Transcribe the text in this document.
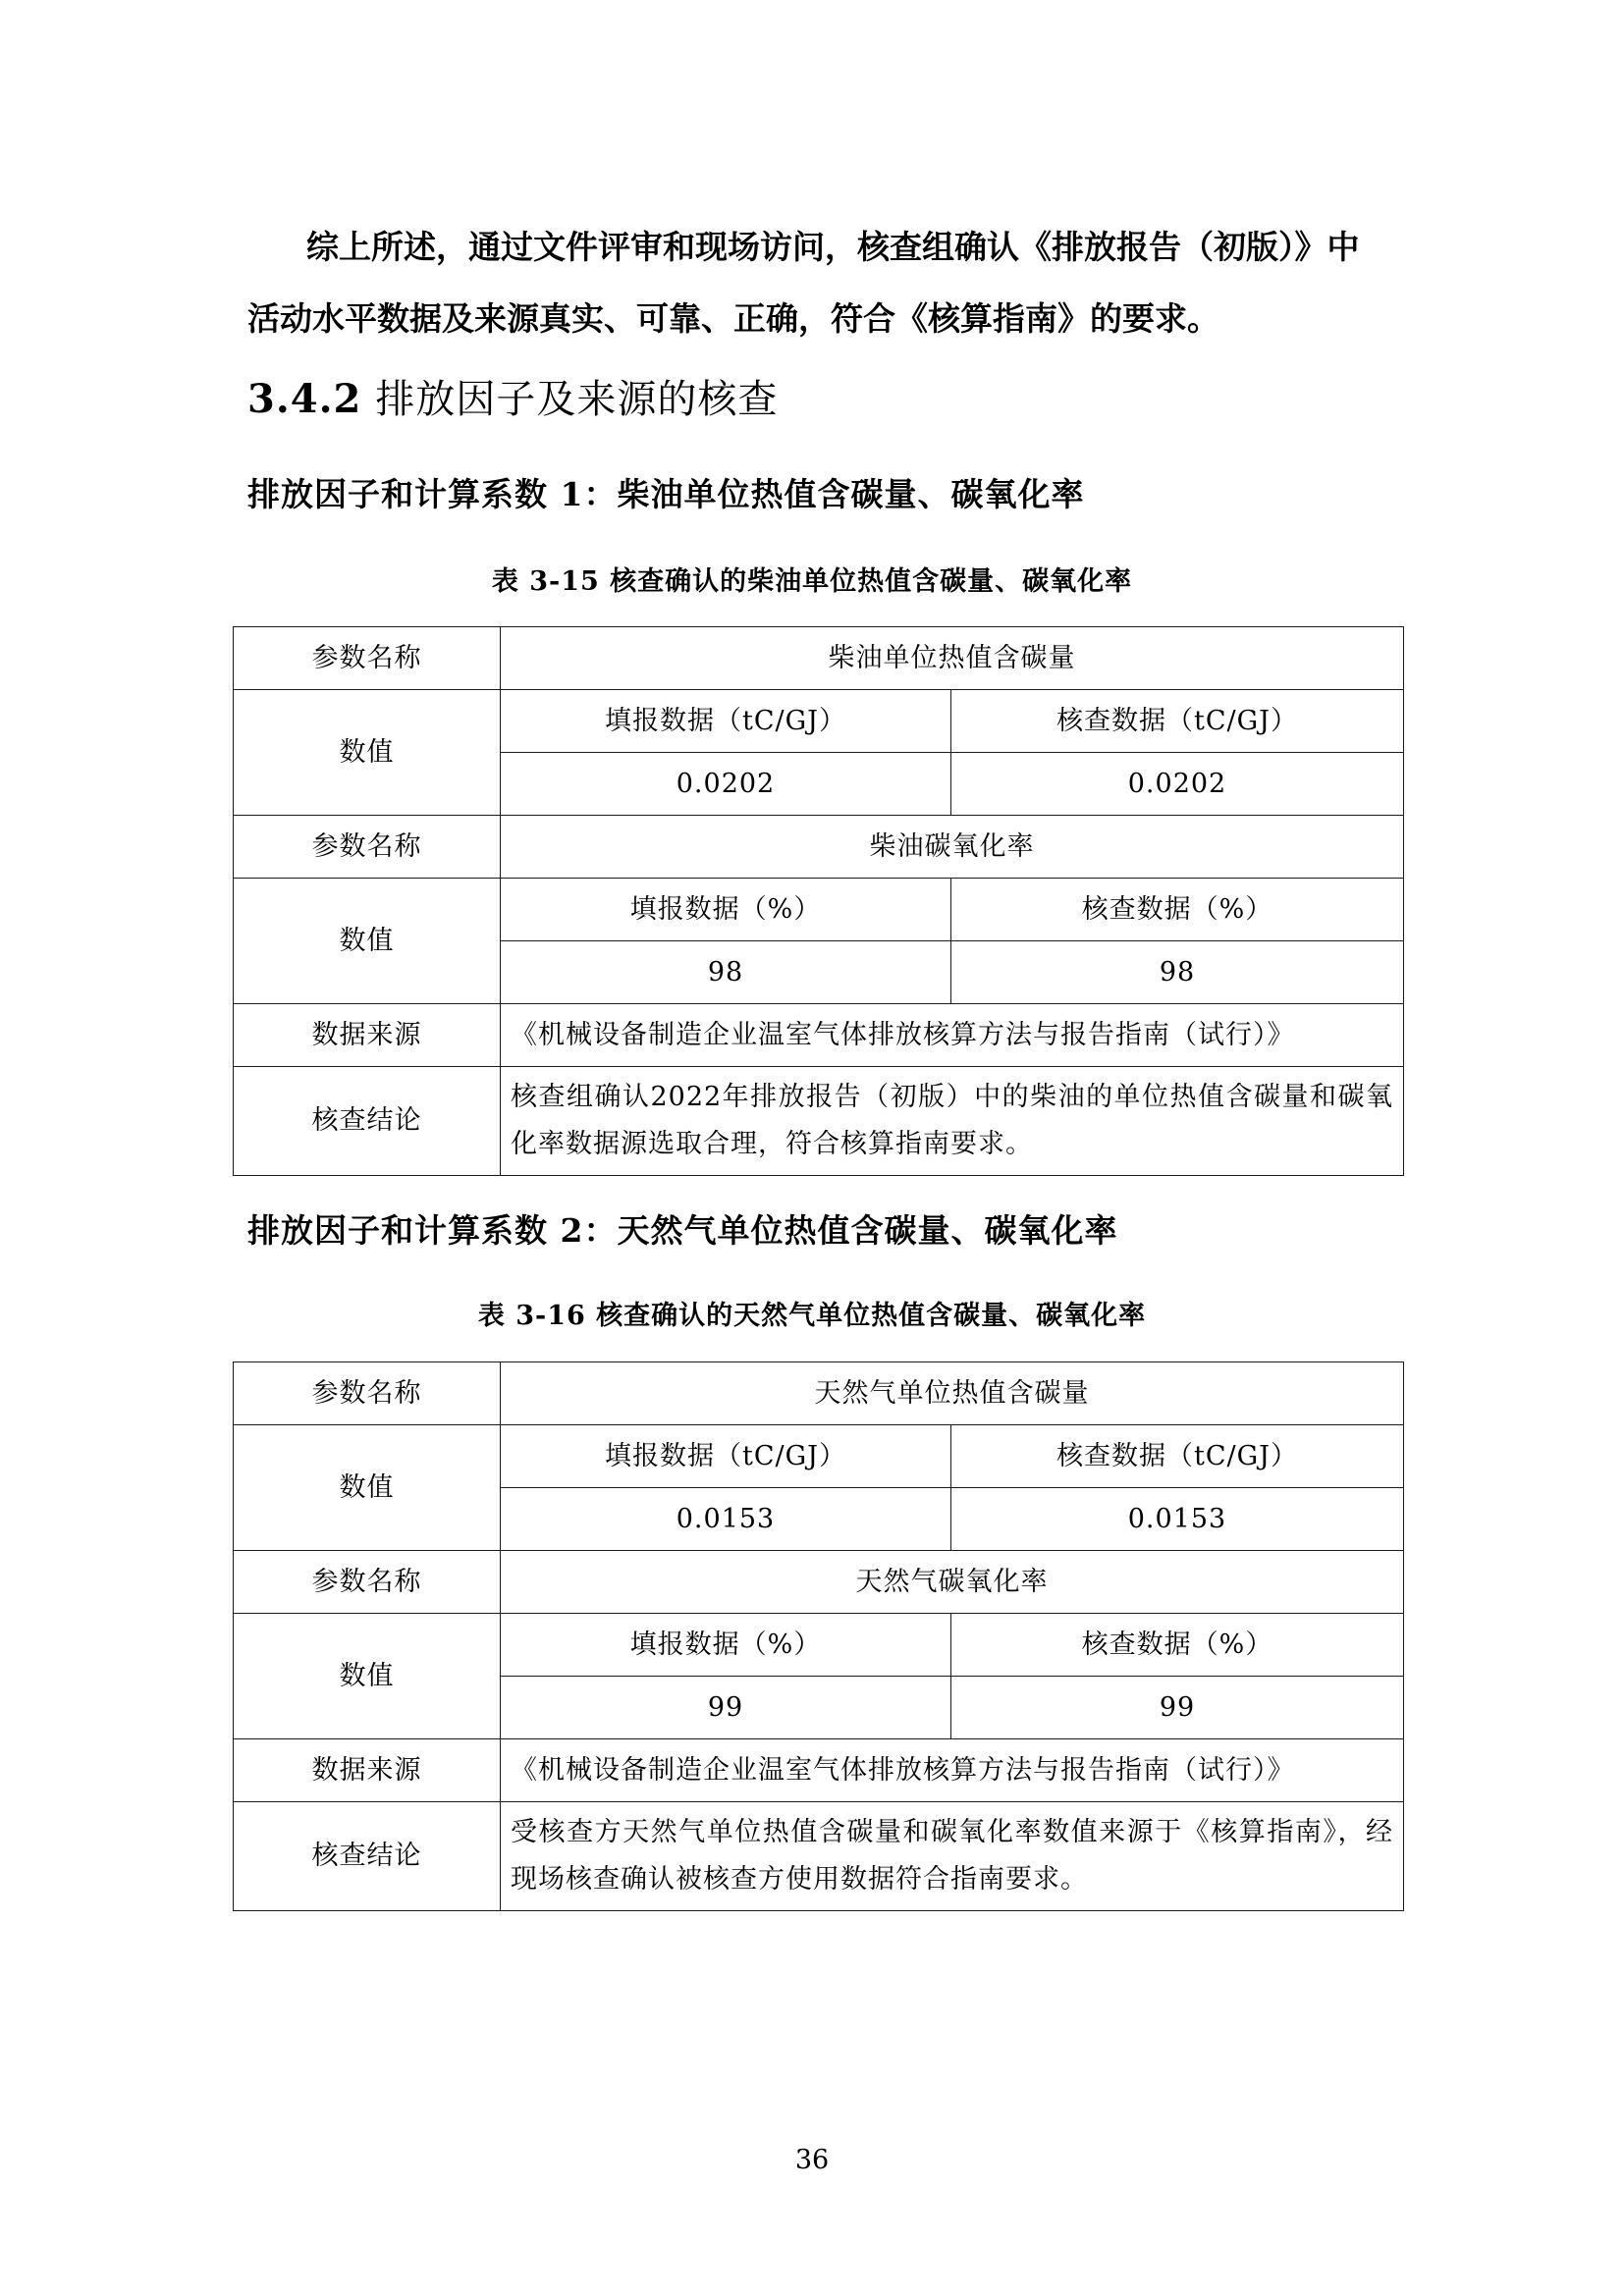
综上所述，通过文件评审和现场访问，核查组确认《排放报告（初版）》中

活动水平数据及来源真实、可靠、正确，符合《核算指南》的要求。

3.4.2 排放因子及来源的核查
排放因子和计算系数 1：柴油单位热值含碳量、碳氧化率

表 3-15 核查确认的柴油单位热值含碳量、碳氧化率

参数名称	柴油单位热值含碳量	
数值	填报数据（tC/GJ）	核查数据（tC/GJ）
	0.0202	0.0202
参数名称	柴油碳氧化率	
数值	填报数据（%）	核查数据（%）
	98	98
数据来源	《机械设备制造企业温室气体排放核算方法与报告指南（试行）》	
核查结论	核查组确认2022年排放报告（初版）中的柴油的单位热值含碳量和碳氧化率数据源选取合理，符合核算指南要求。	
排放因子和计算系数 2：天然气单位热值含碳量、碳氧化率

表 3-16 核查确认的天然气单位热值含碳量、碳氧化率

参数名称	天然气单位热值含碳量	
数值	填报数据（tC/GJ）	核查数据（tC/GJ）
	0.0153	0.0153
参数名称	天然气碳氧化率	
数值	填报数据（%）	核查数据（%）
	99	99
数据来源	《机械设备制造企业温室气体排放核算方法与报告指南（试行）》	
核查结论	受核查方天然气单位热值含碳量和碳氧化率数值来源于《核算指南》，经现场核查确认被核查方使用数据符合指南要求。	

36
